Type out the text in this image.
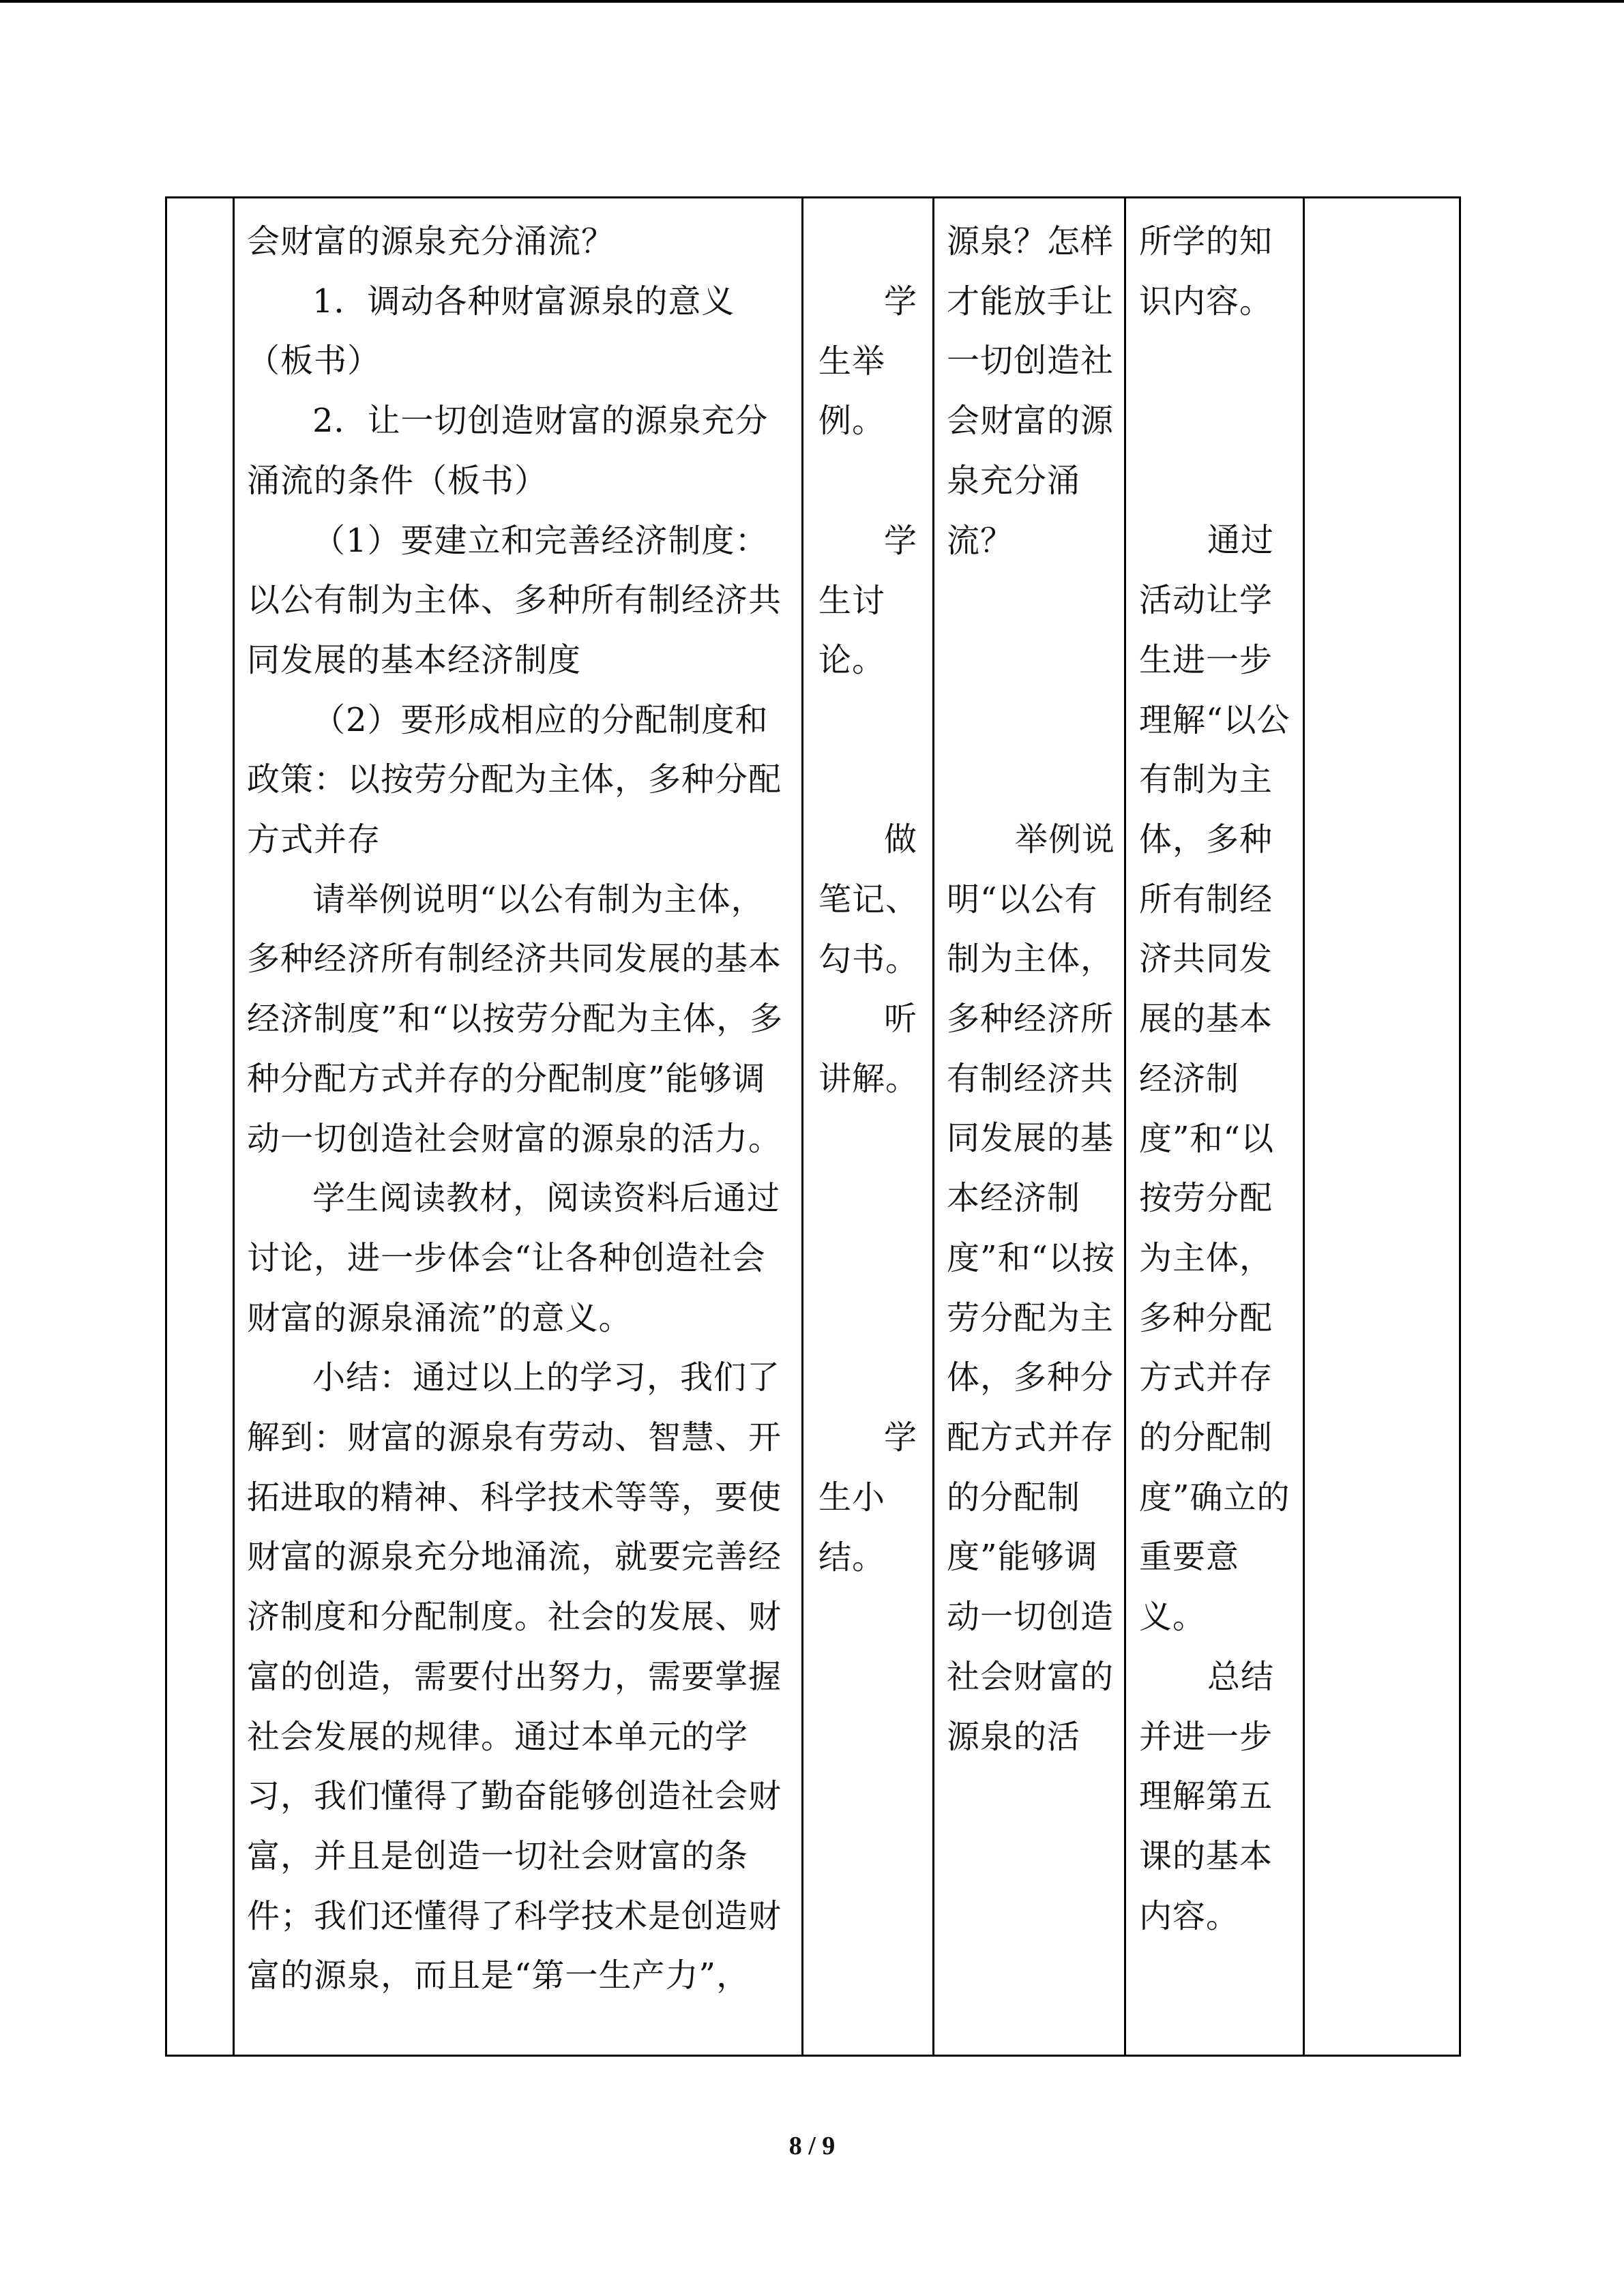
会财富的源泉充分涌流？

1．调动各种财富源泉的意义（板书）

2．让一切创造财富的源泉充分涌流的条件（板书）

（1）要建立和完善经济制度：以公有制为主体、多种所有制经济共同发展的基本经济制度

（2）要形成相应的分配制度和政策：以按劳分配为主体，多种分配方式并存

请举例说明“以公有制为主体，多种经济所有制经济共同发展的基本经济制度”和“以按劳分配为主体，多种分配方式并存的分配制度”能够调动一切创造社会财富的源泉的活力。

学生阅读教材，阅读资料后通过讨论，进一步体会“让各种创造社会财富的源泉涌流”的意义。

小结：通过以上的学习，我们了解到：财富的源泉有劳动、智慧、开拓进取的精神、科学技术等等，要使财富的源泉充分地涌流，就要完善经济制度和分配制度。社会的发展、财富的创造，需要付出努力，需要掌握社会发展的规律。通过本单元的学习，我们懂得了勤奋能够创造社会财富，并且是创造一切社会财富的条件；我们还懂得了科学技术是创造财富的源泉，而且是“第一生产力”，

学生举例。

学生讨论。

做笔记、勾书。

听讲解。

学生小结。

源泉？怎样才能放手让一切创造社会财富的源泉充分涌流？

举例说明“以公有制为主体，多种经济所有制经济共同发展的基本经济制度”和“以按劳分配为主体，多种分配方式并存的分配制度”能够调动一切创造社会财富的源泉的活

所学的知识内容。

通过活动让学生进一步理解“以公有制为主体，多种所有制经济共同发展的基本经济制度”和“以按劳分配为主体，多种分配方式并存的分配制度”确立的重要意义。

总结并进一步理解第五课的基本内容。

8 / 9
